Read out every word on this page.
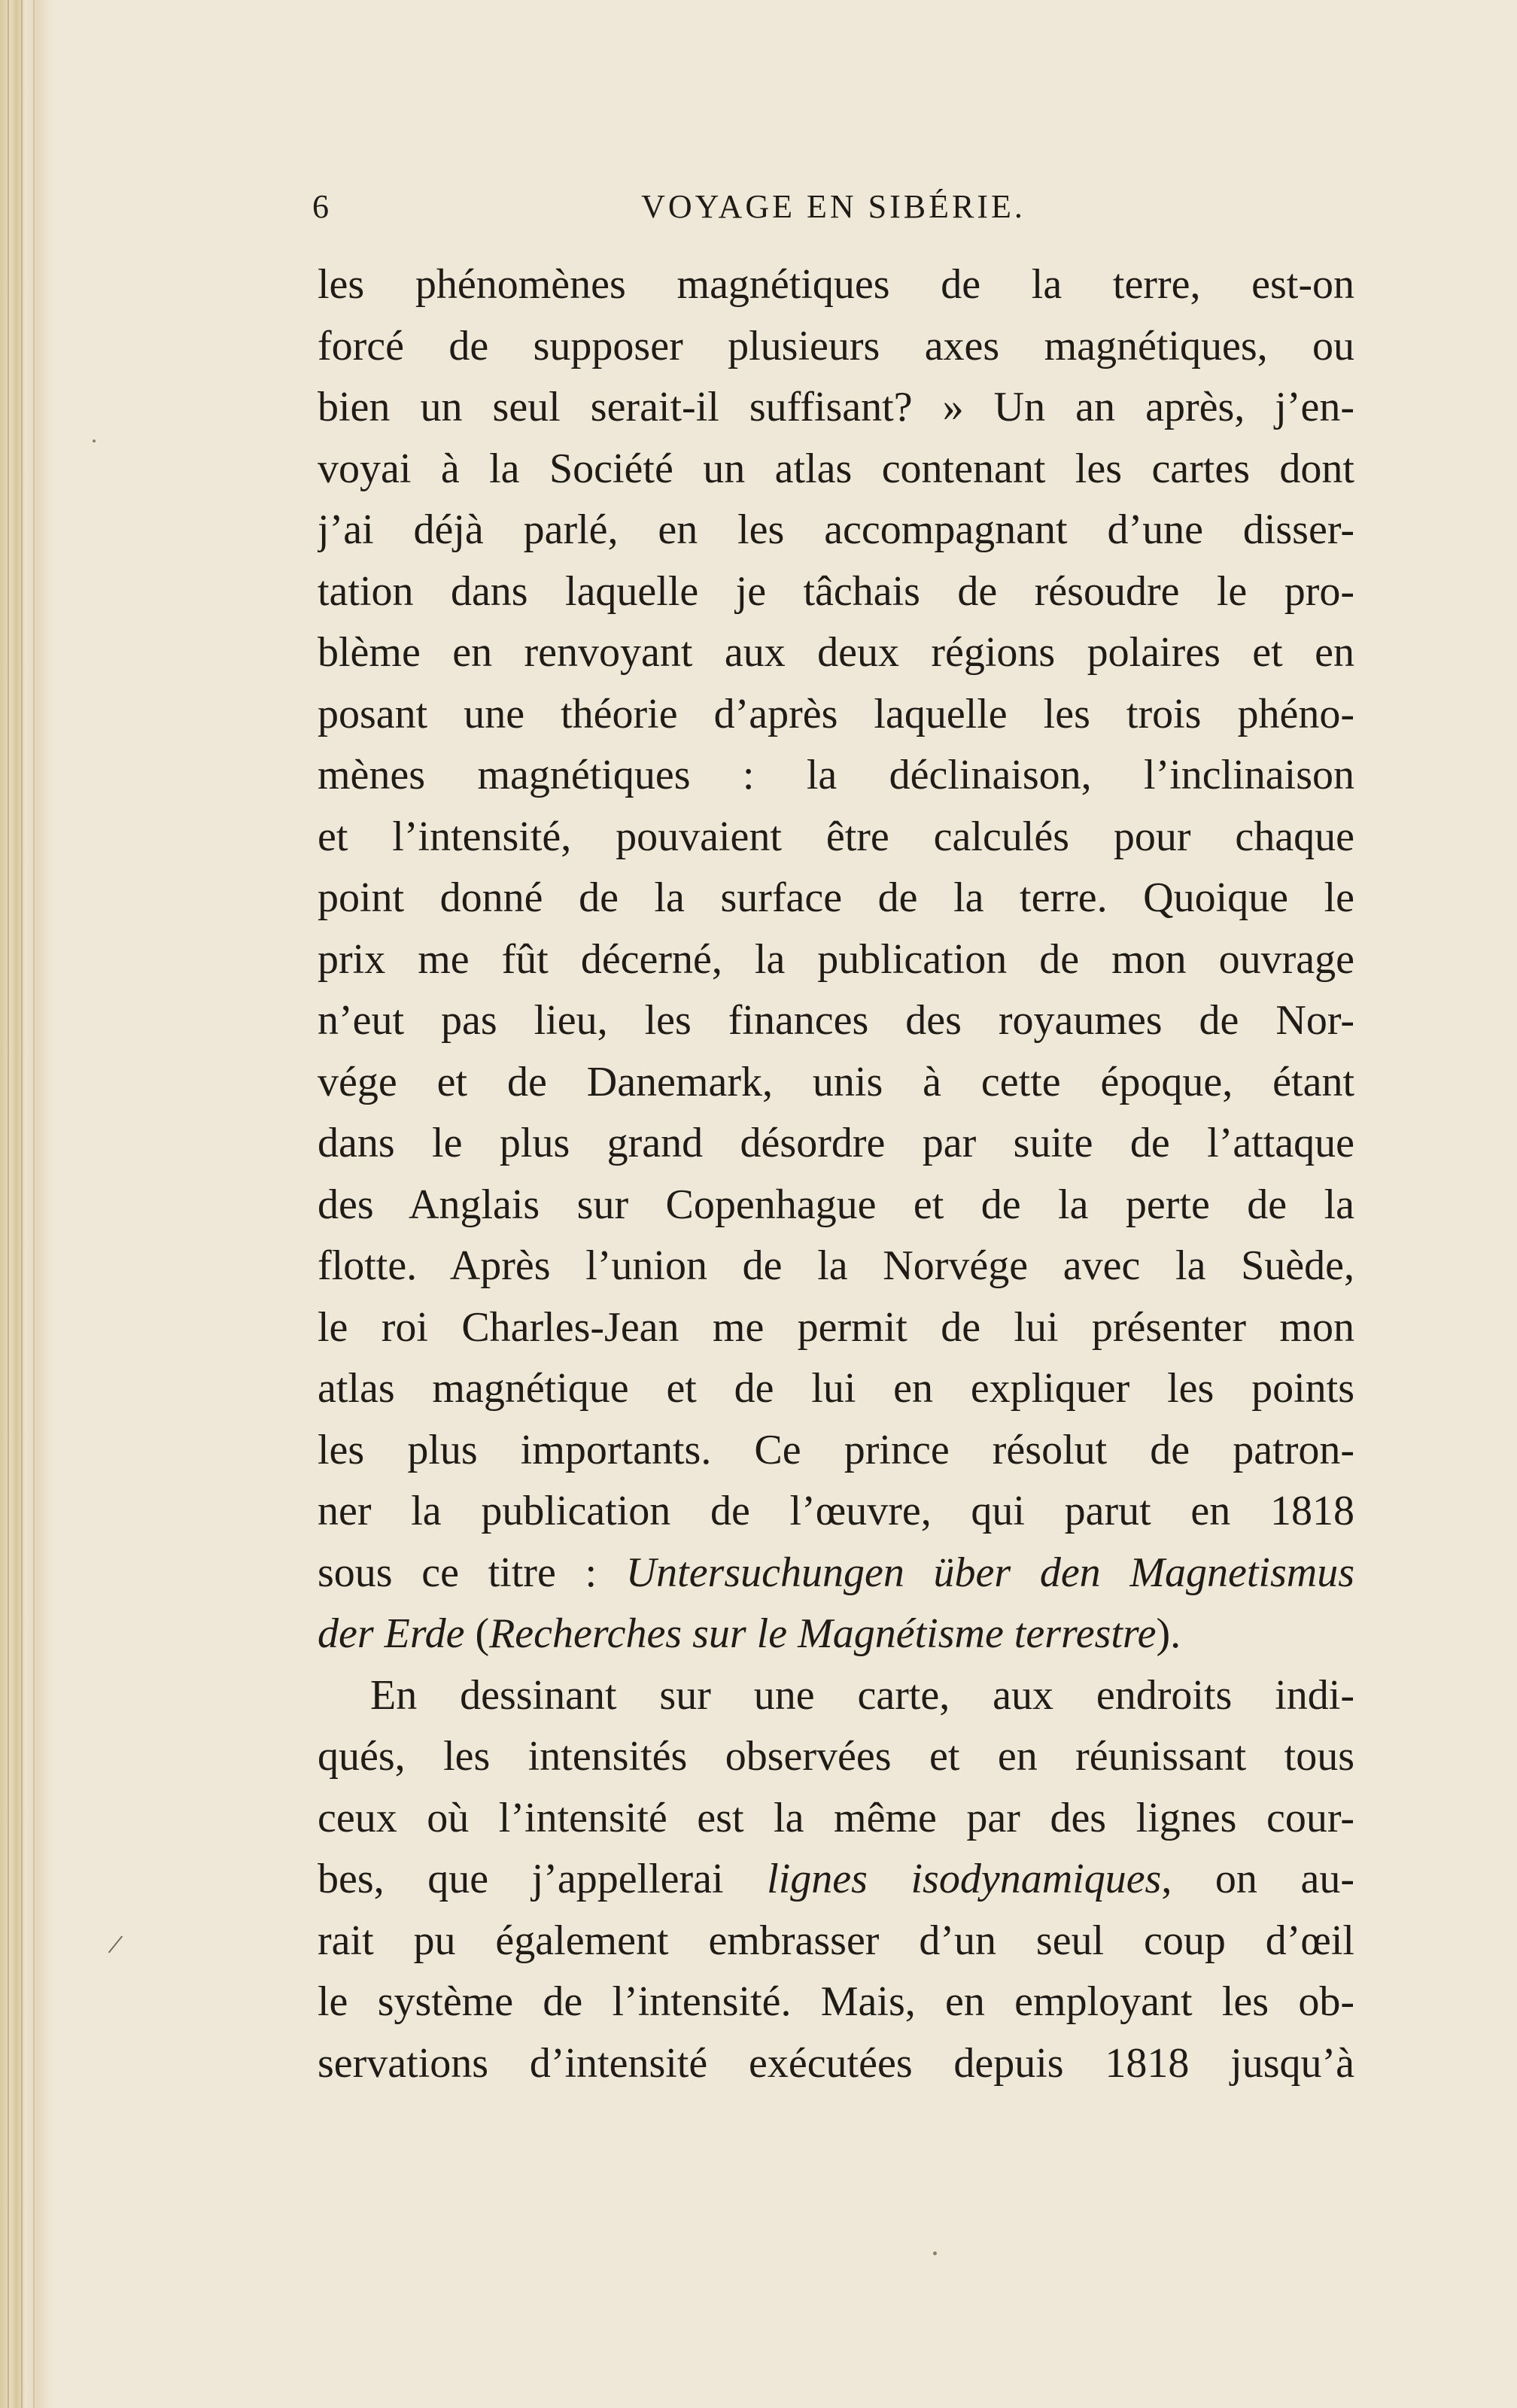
6	VOYAGE EN SIBÉRIE.
les phénomènes magnétiques de la terre, est-on
forcé de supposer plusieurs axes magnétiques, ou
bien un seul serait-il suffisant? » Un an après, j’en-
voyai à la Société un atlas contenant les cartes dont
j’ai déjà parlé, en les accompagnant d’une disser-
tation dans laquelle je tâchais de résoudre le pro-
blème en renvoyant aux deux régions polaires et en
posant une théorie d’après laquelle les trois phéno-
mènes magnétiques : la déclinaison, l’inclinaison
et l’intensité, pouvaient être calculés pour chaque
point donné de la surface de la terre. Quoique le
prix me fût décerné, la publication de mon ouvrage
n’eut pas lieu, les finances des royaumes de Nor-
vége et de Danemark, unis à cette époque, étant
dans le plus grand désordre par suite de l’attaque
des Anglais sur Copenhague et de la perte de la
flotte. Après l’union de la Norvége avec la Suède,
le roi Charles-Jean me permit de lui présenter mon
atlas magnétique et de lui en expliquer les points
les plus importants. Ce prince résolut de patron-
ner la publication de l’œuvre, qui parut en 1818
sous ce titre : Untersuchungen über den Magnetismus
der Erde (Recherches sur le Magnétisme terrestre).
En dessinant sur une carte, aux endroits indi-
qués, les intensités observées et en réunissant tous
ceux où l’intensité est la même par des lignes cour-
bes, que j’appellerai lignes isodynamiques, on au-
rait pu également embrasser d’un seul coup d’œil
le système de l’intensité. Mais, en employant les ob-
servations d’intensité exécutées depuis 1818 jusqu’à
/
